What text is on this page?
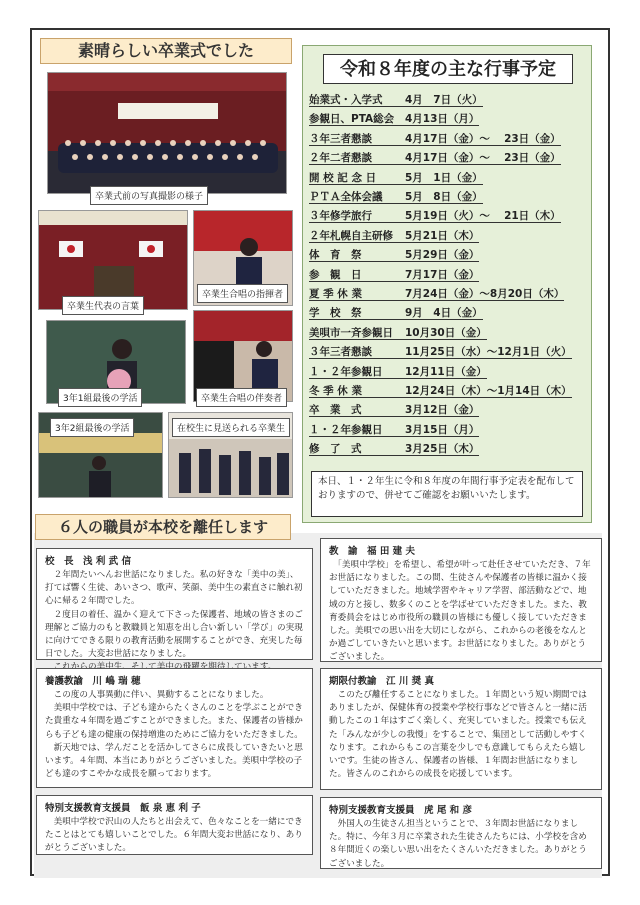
素晴らしい卒業式でした
卒業式前の写真撮影の様子
卒業生代表の言葉
卒業生合唱の指揮者
3年1組最後の学活	卒業生合唱の伴奏者
3年2組最後の学活	在校生に見送られる卒業生
令和８年度の主な行事予定
始業式・入学式 4月　7日（火）
参観日、PTA総会 4月13日（月）
３年三者懇談	4月17日（金）～　 23日（金）
２年二者懇談	4月17日（金）～　 23日（金）
開 校 記 念 日	5月　1日（金）
ＰＴＡ全体会議 5月　8日（金）
３年修学旅行	5月19日（火）～　 21日（木）
２年札幌自主研修 5月21日（木）
体　育　祭	5月29日（金）
参　観　日	7月17日（金）
夏 季 休 業	7月24日（金）～8月20日（木）
学　校　祭	9月　4日（金）
美唄市一斉参観日 10月30日（金）
３年三者懇談	11月25日（水）～12月1日（火）
１・２年参観日 12月11日（金）
冬 季 休 業	12月24日（木）～1月14日（木）
卒　業　式	3月12日（金）
１・２年参観日 3月15日（月）
修　了　式	3月25日（木）
本日、１・２年生に令和８年度の年間行事予定表を配布しておりますので、併せてご確認をお願いいたします。
６人の職員が本校を離任します
校　長　 浅 利 武 信
　２年間たいへんお世話になりました。私の好きな「美中の美」、打てば響く生徒、あいさつ、歌声、笑顔、美中生の素直さに触れ初心に帰る２年間でした。
　２度目の着任、温かく迎えて下さった保護者、地域の皆さまのご理解とご協力のもと教職員と知恵を出し合い新しい「学び」の実現に向けてできる限りの教育活動を展開することができ、充実した毎日でした。大変お世話になりました。

教　諭　 福 田 建 夫
　「美唄中学校」を希望し、希望が叶って赴任させていただき、７年お世話になりました。この間、生徒さんや保護者の皆様に温かく接していただきました。地域学習やキャリア学習、部活動などで、地域の方と接し、数多くのことを学ばせていただきました。また、教育委員会をはじめ市役所の職員の皆様にも優しく接していただきました。美唄での思い出を大切にしながら、これからの老後をなんとか過ごしていきたいと思います。お世話になりました。ありがとうございました。
養護教諭　 川 嶋 瑞 穂
　この度の人事異動に伴い、異動することになりました。
　美唄中学校では、子ども達からたくさんのことを学ぶことができた貴重な４年間を過ごすことができました。また、保護者の皆様からも子ども達の健康の保持増進のためにご協力をいただきました。
　新天地では、学んだことを活かしてさらに成長していきたいと思います。４年間、本当にありがとうございました。美唄中学校の子ども達のすこやかな成長を願っております。
期限付教諭　 江 川 奨 真
　このたび離任することになりました。１年間という短い期間ではありましたが、保健体育の授業や学校行事などで皆さんと一緒に活動したこの１年はすごく楽しく、充実していました。授業でも伝えた「みんなが少しの我慢」をすることで、集団として活動しやすくなります。これからもこの言葉を少しでも意識してもらえたら嬉しいです。生徒の皆さん、保護者の皆様、１年間お世話になりました。皆さんのこれからの成長を応援しています。
特別支援教育支援員　 飯 泉 恵 利 子
　美唄中学校で沢山の人たちと出会えて、色々なことを一緒にできたことはとても嬉しいことでした。６年間大変お世話になり、ありがとうございました。
特別支援教育支援員　 虎 尾 和 彦
　外国人の生徒さん担当ということで、３年間お世話になりました。特に、今年３月に卒業された生徒さんたちには、小学校を含め８年間近くの楽しい思い出をたくさんいただきました。ありがとうございました。
